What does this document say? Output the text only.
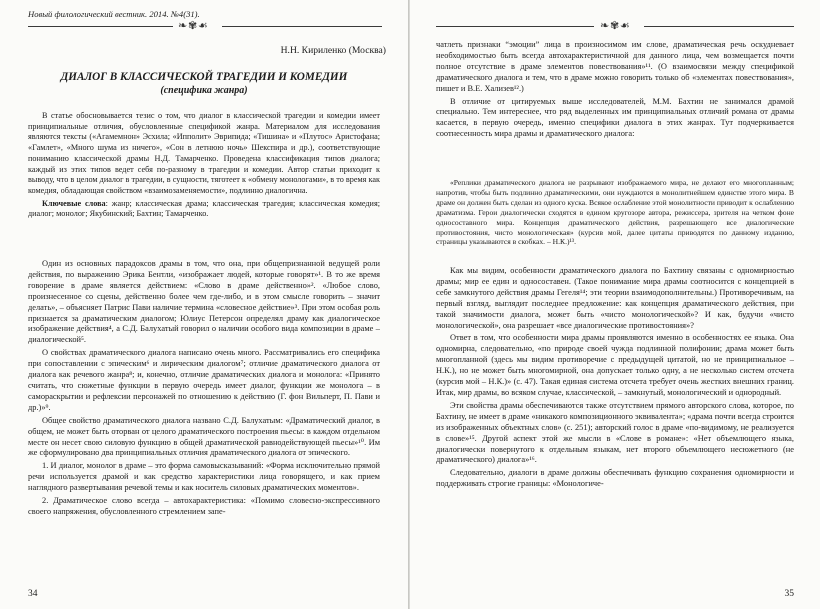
Новый филологический вестник. 2014. №4(31).
❧ ✾ ☙
Н.Н. Кириленко (Москва)
ДИАЛОГ В КЛАССИЧЕСКОЙ ТРАГЕДИИ И КОМЕДИИ
(специфика жанра)

В статье обосновывается тезис о том, что диалог в классической трагедии и комедии имеет принципиальные отличия, обусловленные спецификой жанра. Материалом для исследования являются тексты («Агамемнон» Эсхила; «Ипполит» Эврипида; «Тишина» и «Плутос» Аристофана; «Гамлет», «Много шума из ничего», «Сон в летнюю ночь» Шекспира и др.), соответствующие пониманию классической драмы Н.Д. Тамарченко. Проведена классификация типов диалога; каждый из этих типов ведет себя по-разному в трагедии и комедии. Автор статьи приходит к выводу, что в целом диалог в трагедии, в сущности, тяготеет к «обмену монологами», в то время как комедия, обладающая свойством «взаимозаменяемости», подлинно диалогична.

Ключевые слова: жанр; классическая драма; классическая трагедия; классическая комедия; диалог; монолог; Якубинский; Бахтин; Тамарченко.

Один из основных парадоксов драмы в том, что она, при общепризнанной ведущей роли действия, по выражению Эрика Бентли, «изображает людей, которые говорят»¹. В то же время говорение в драме является действием: «Слово в драме действенно»². «Любое слово, произнесенное со сцены, действенно более чем где-либо, и в этом смысле говорить – значит делать», – объясняет Патрис Пави наличие термина «словесное действие»³. При этом особая роль признается за драматическим диалогом; Юлиус Петерсон определял драму как диалогическое изображение действия⁴, а С.Д. Балухатый говорил о наличии особого вида композиции в драме – диалогической⁵.

О свойствах драматического диалога написано очень много. Рассматривались его специфика при сопоставлении с эпическим⁶ и лирическим диалогом⁷; отличие драматического диалога от диалога как речевого жанра⁸; и, конечно, отличие драматических диалога и монолога: «Принято считать, что сюжетные функции в первую очередь имеет диалог, функции же монолога – в самораскрытии и рефлексии персонажей по отношению к действию (Г. фон Вильперт, П. Пави и др.)»⁹.

Общее свойство драматического диалога названо С.Д. Балухатым: «Драматический диалог, в общем, не может быть оторван от целого драматического построения пьесы: в каждом отдельном месте он несет свою силовую функцию в общей драматической равнодействующей пьесы»¹⁰. Им же сформулировано два принципиальных отличия драматического диалога от эпического.

1. И диалог, монолог в драме – это форма самовысказываний: «Форма исключительно прямой речи используется драмой и как средство характеристики лица говорящего, и как прием наглядного развертывания речевой темы и как носитель силовых драматических моментов».

2. Драматическое слово всегда – автохарактеристика: «Помимо словесно-экспрессивного своего напряжения, обусловленного стремлением запе-

34
❧ ✾ ☙

чатлеть признаки “эмоции” лица в произносимом им слове, драматическая речь оскудневает необходимостью быть всегда автохарактеристичной для данного лица, чем возмещается почти полное отсутствие в драме элементов повествования»¹¹. (О взаимосвязи между спецификой драматического диалога и тем, что в драме можно говорить только об «элементах повествования», пишет и В.Е. Хализев¹².)

В отличие от цитируемых выше исследователей, М.М. Бахтин не занимался драмой специально. Тем интереснее, что ряд выделенных им принципиальных отличий романа от драмы касается, в первую очередь, именно специфики диалога в этих жанрах. Тут подчеркивается соотнесенность мира драмы и драматического диалога:

«Реплики драматического диалога не разрывают изображаемого мира, не делают его многопланным; напротив, чтобы быть подлинно драматическими, они нуждаются в монолитнейшем единстве этого мира. В драме он должен быть сделан из одного куска. Всякое ослабление этой монолитности приводит к ослаблению драматизма. Герои диалогически сходятся в едином кругозоре автора, режиссера, зрителя на четком фоне односоставного мира. Концепция драматического действия, разрешающего все диалогические противостояния, чисто монологическая» (курсив мой, далее цитаты приводятся по данному изданию, страницы указываются в скобках. – Н.К.)¹³.

Как мы видим, особенности драматического диалога по Бахтину связаны с одномирностью драмы; мир ее един и односоставен. (Такое понимание мира драмы соотносится с концепцией в себе замкнутого действия драмы Гегеля¹⁴; эти теории взаимодополнительны.) Противоречивым, на первый взгляд, выглядит последнее предложение: как концепция драматического действия, при такой значимости диалога, может быть «чисто монологической»? И как, будучи «чисто монологической», она разрешает «все диалогические противостояния»?

Ответ в том, что особенности мира драмы проявляются именно в особенностях ее языка. Она одномирна, следовательно, «по природе своей чужда подлинной полифонии; драма может быть многопланной (здесь мы видим противоречие с предыдущей цитатой, но не принципиальное – Н.К.), но не может быть многомирной, она допускает только одну, а не несколько систем отсчета (курсив мой – Н.К.)» (с. 47). Такая единая система отсчета требует очень жестких внешних границ. Итак, мир драмы, во всяком случае, классической, – замкнутый, монологический и однородный.

Эти свойства драмы обеспечиваются также отсутствием прямого авторского слова, которое, по Бахтину, не имеет в драме «никакого композиционного эквивалента»; «драма почти всегда строится из изображенных объектных слов» (с. 251); авторский голос в драме «по-видимому, не реализуется в слове»¹⁵. Другой аспект этой же мысли в «Слове в романе»: «Нет объемлющего языка, диалогически повернутого к отдельным языкам, нет второго объемлющего несюжетного (не драматического) диалога»¹⁶.

Следовательно, диалоги в драме должны обеспечивать функцию сохранения одномирности и поддерживать строгие границы: «Монологиче-

35
